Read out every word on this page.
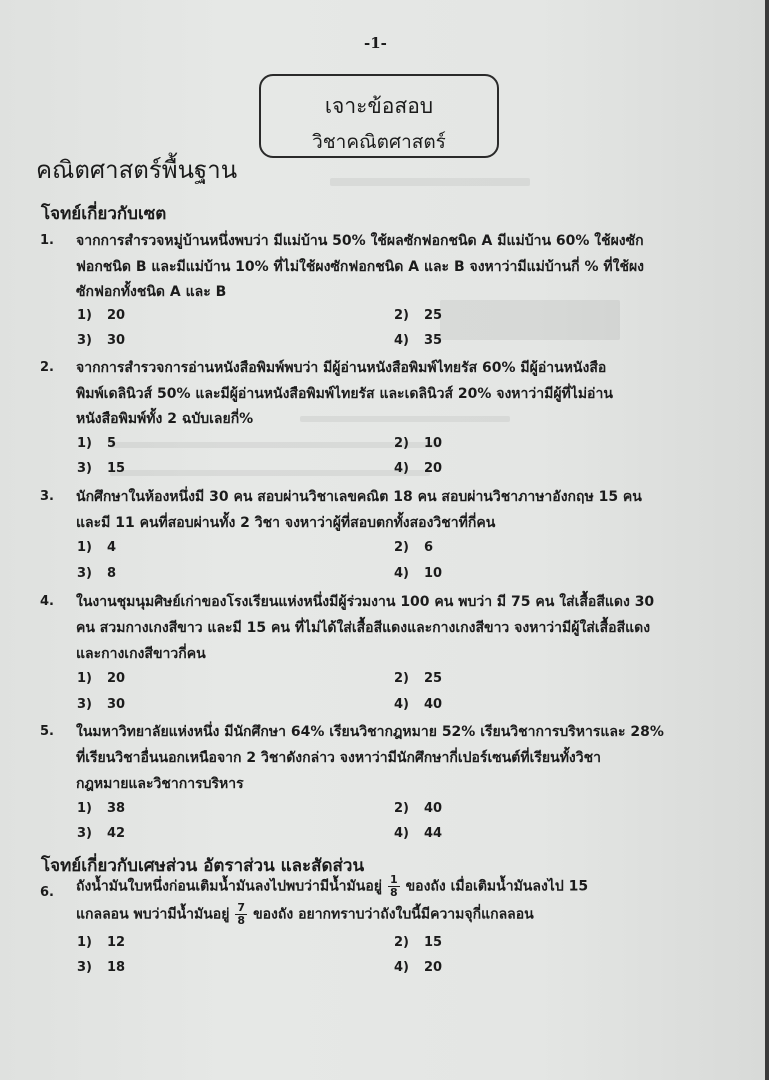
-1-
เจาะข้อสอบ
วิชาคณิตศาสตร์
คณิตศาสตร์พื้นฐาน
โจทย์เกี่ยวกับเซต
1. จากการสำรวจหมู่บ้านหนึ่งพบว่า มีแม่บ้าน 50% ใช้ผลซักฟอกชนิด A มีแม่บ้าน 60% ใช้ผงซัก
ฟอกชนิด B และมีแม่บ้าน 10% ที่ไม่ใช้ผงซักฟอกชนิด A และ B จงหาว่ามีแม่บ้านกี่ % ที่ใช้ผง
ซักฟอกทั้งชนิด A และ B
1) 20	2) 25
3) 30	4) 35
2. จากการสำรวจการอ่านหนังสือพิมพ์พบว่า มีผู้อ่านหนังสือพิมพ์ไทยรัส 60% มีผู้อ่านหนังสือ
พิมพ์เดลินิวส์ 50% และมีผู้อ่านหนังสือพิมพ์ไทยรัส และเดลินิวส์ 20% จงหาว่ามีผู้ที่ไม่อ่าน
หนังสือพิมพ์ทั้ง 2 ฉบับเลยกี่%
1) 5	2) 10
3) 15	4) 20
3. นักศึกษาในห้องหนึ่งมี 30 คน สอบผ่านวิชาเลขคณิต 18 คน สอบผ่านวิชาภาษาอังกฤษ 15 คน
และมี 11 คนที่สอบผ่านทั้ง 2 วิชา จงหาว่าผู้ที่สอบตกทั้งสองวิชาที่กี่คน
1) 4	2) 6
3) 8	4) 10
4. ในงานชุมนุมศิษย์เก่าของโรงเรียนแห่งหนึ่งมีผู้ร่วมงาน 100 คน พบว่า มี 75 คน ใส่เสื้อสีแดง 30
คน สวมกางเกงสีขาว และมี 15 คน ที่ไม่ได้ใส่เสื้อสีแดงและกางเกงสีขาว จงหาว่ามีผู้ใส่เสื้อสีแดง
และกางเกงสีขาวกี่คน
1) 20	2) 25
3) 30	4) 40
5. ในมหาวิทยาลัยแห่งหนึ่ง มีนักศึกษา 64% เรียนวิชากฎหมาย 52% เรียนวิชาการบริหารและ 28%
ที่เรียนวิชาอื่นนอกเหนือจาก 2 วิชาดังกล่าว จงหาว่ามีนักศึกษากี่เปอร์เซนต์ที่เรียนทั้งวิชา
กฎหมายและวิชาการบริหาร
1) 38	2) 40
3) 42	4) 44
โจทย์เกี่ยวกับเศษส่วน อัตราส่วน และสัดส่วน
6. ถังน้ำมันใบหนึ่งก่อนเติมน้ำมันลงไปพบว่ามีน้ำมันอยู่ $\frac{1}{8}$ ของถัง เมื่อเติมน้ำมันลงไป 15
แกลลอน พบว่ามีน้ำมันอยู่ $\frac{7}{8}$ ของถัง อยากทราบว่าถังใบนี้มีความจุกี่แกลลอน
1) 12	2) 15
3) 18	4) 20
